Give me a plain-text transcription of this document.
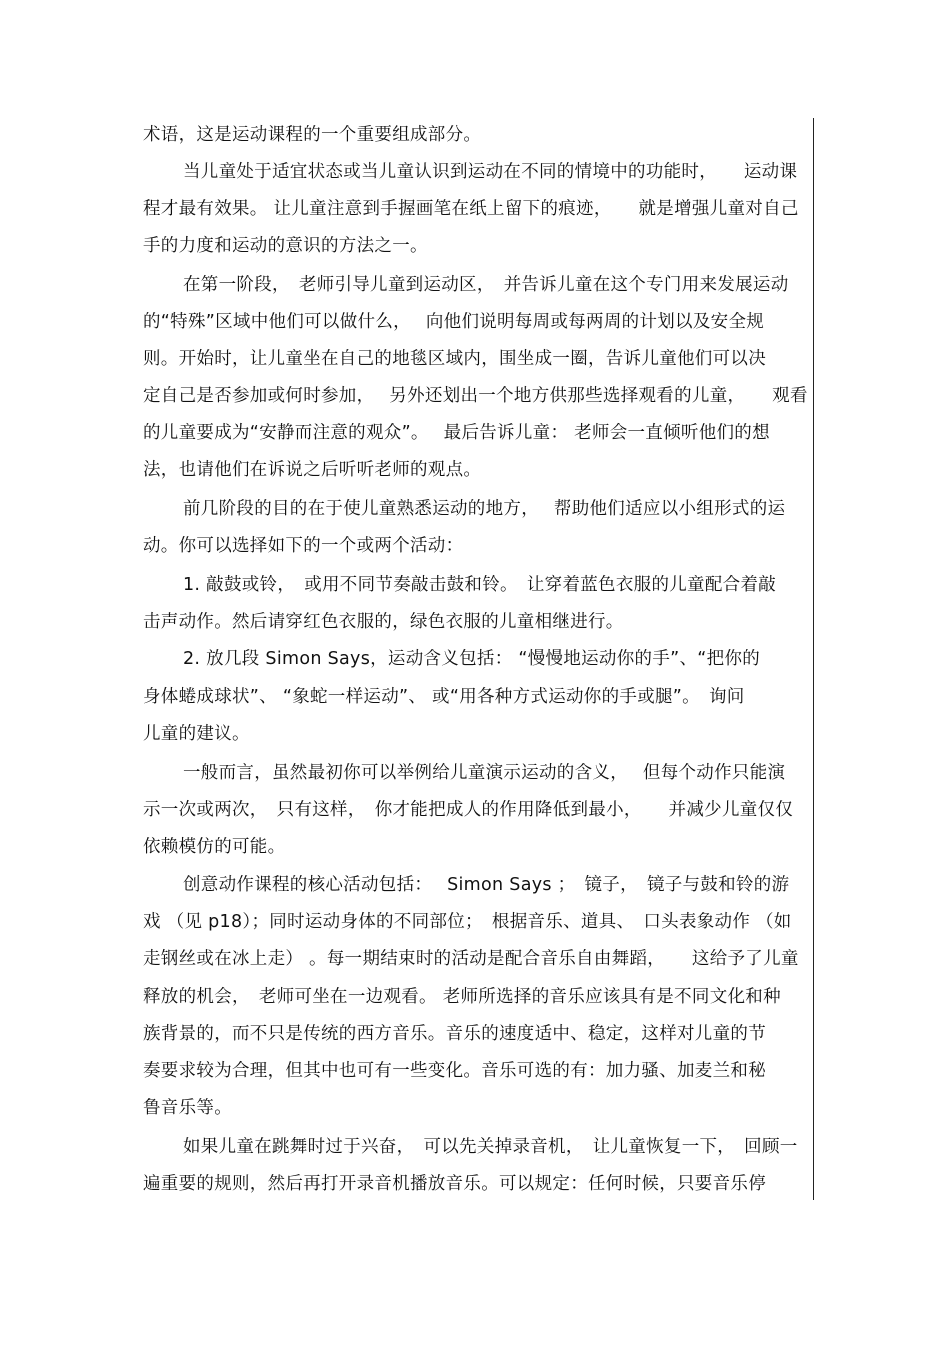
术语，这是运动课程的一个重要组成部分。
当儿童处于适宜状态或当儿童认识到运动在不同的情境中的功能时，　　运动课
程才最有效果。 让儿童注意到手握画笔在纸上留下的痕迹，　　就是增强儿童对自己
手的力度和运动的意识的方法之一。
在第一阶段，　老师引导儿童到运动区，　并告诉儿童在这个专门用来发展运动
的“特殊”区域中他们可以做什么，　 向他们说明每周或每两周的计划以及安全规
则。开始时，让儿童坐在自己的地毯区域内，围坐成一圈，告诉儿童他们可以决
定自己是否参加或何时参加，　 另外还划出一个地方供那些选择观看的儿童，　　观看
的儿童要成为“安静而注意的观众”。　 最后告诉儿童： 老师会一直倾听他们的想
法，也请他们在诉说之后听听老师的观点。
前几阶段的目的在于使儿童熟悉运动的地方，　 帮助他们适应以小组形式的运
动。你可以选择如下的一个或两个活动：
1. 敲鼓或铃，　或用不同节奏敲击鼓和铃。　让穿着蓝色衣服的儿童配合着敲
击声动作。然后请穿红色衣服的，绿色衣服的儿童相继进行。
2. 放几段 Simon Says，运动含义包括： “慢慢地运动你的手”、“把你的
身体蜷成球状”、 “象蛇一样运动”、 或“用各种方式运动你的手或腿”。　询问
儿童的建议。
一般而言，虽然最初你可以举例给儿童演示运动的含义，　 但每个动作只能演
示一次或两次，　只有这样，　你才能把成人的作用降低到最小，　　并减少儿童仅仅
依赖模仿的可能。
创意动作课程的核心活动包括：　 Simon Says ；　镜子，　镜子与鼓和铃的游
戏 （见 p18）；同时运动身体的不同部位；　根据音乐、道具、　口头表象动作 （如
走钢丝或在冰上走） 。每一期结束时的活动是配合音乐自由舞蹈，　　这给予了儿童
释放的机会，　老师可坐在一边观看。 老师所选择的音乐应该具有是不同文化和种
族背景的，而不只是传统的西方音乐。音乐的速度适中、稳定，这样对儿童的节
奏要求较为合理，但其中也可有一些变化。音乐可选的有：加力骚、加麦兰和秘
鲁音乐等。
如果儿童在跳舞时过于兴奋，　可以先关掉录音机，　让儿童恢复一下，　回顾一
遍重要的规则，然后再打开录音机播放音乐。可以规定：任何时候，只要音乐停
